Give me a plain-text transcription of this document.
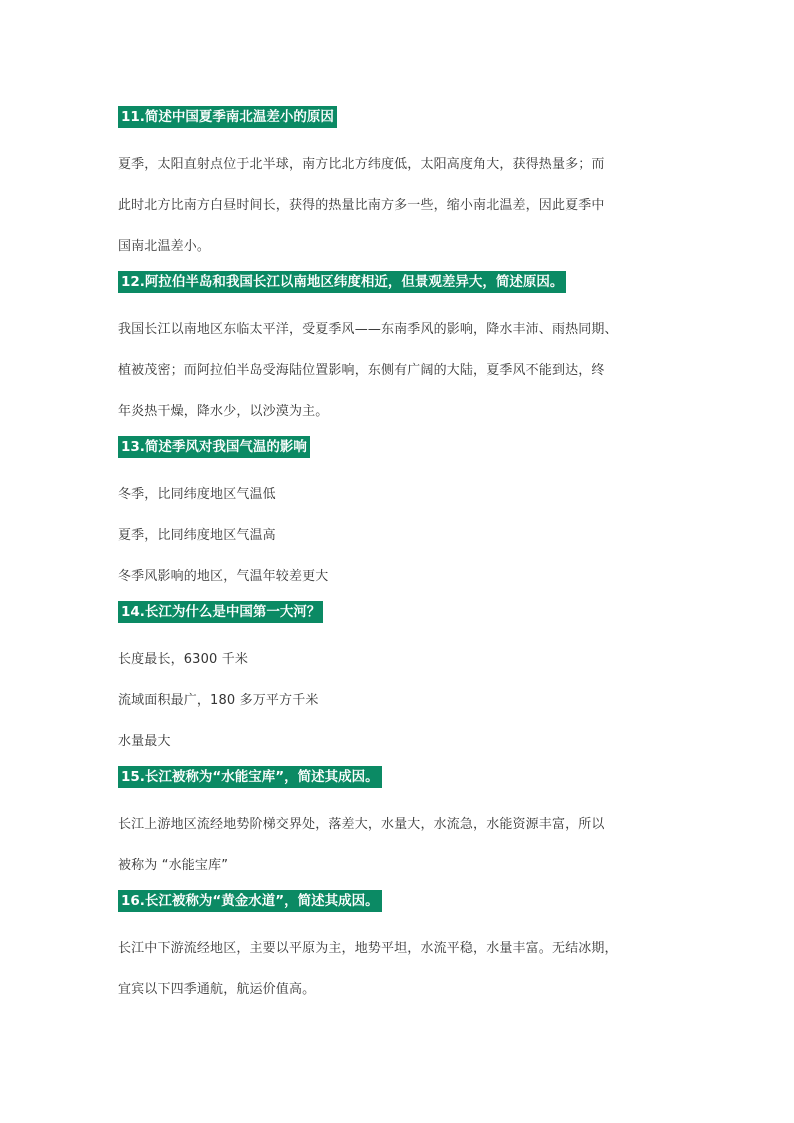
11.简述中国夏季南北温差小的原因
夏季，太阳直射点位于北半球，南方比北方纬度低，太阳高度角大，获得热量多；而
此时北方比南方白昼时间长，获得的热量比南方多一些，缩小南北温差，因此夏季中
国南北温差小。
12.阿拉伯半岛和我国长江以南地区纬度相近，但景观差异大，简述原因。
我国长江以南地区东临太平洋，受夏季风——东南季风的影响，降水丰沛、雨热同期、
植被茂密；而阿拉伯半岛受海陆位置影响，东侧有广阔的大陆，夏季风不能到达，终
年炎热干燥，降水少，以沙漠为主。
13.简述季风对我国气温的影响
冬季，比同纬度地区气温低
夏季，比同纬度地区气温高
冬季风影响的地区，气温年较差更大
14.长江为什么是中国第一大河？
长度最长，6300 千米
流域面积最广，180 多万平方千米
水量最大
15.长江被称为“水能宝库”，简述其成因。
长江上游地区流经地势阶梯交界处，落差大，水量大，水流急，水能资源丰富，所以
被称为 “水能宝库”
16.长江被称为“黄金水道”，简述其成因。
长江中下游流经地区，主要以平原为主，地势平坦，水流平稳，水量丰富。无结冰期，
宜宾以下四季通航，航运价值高。
